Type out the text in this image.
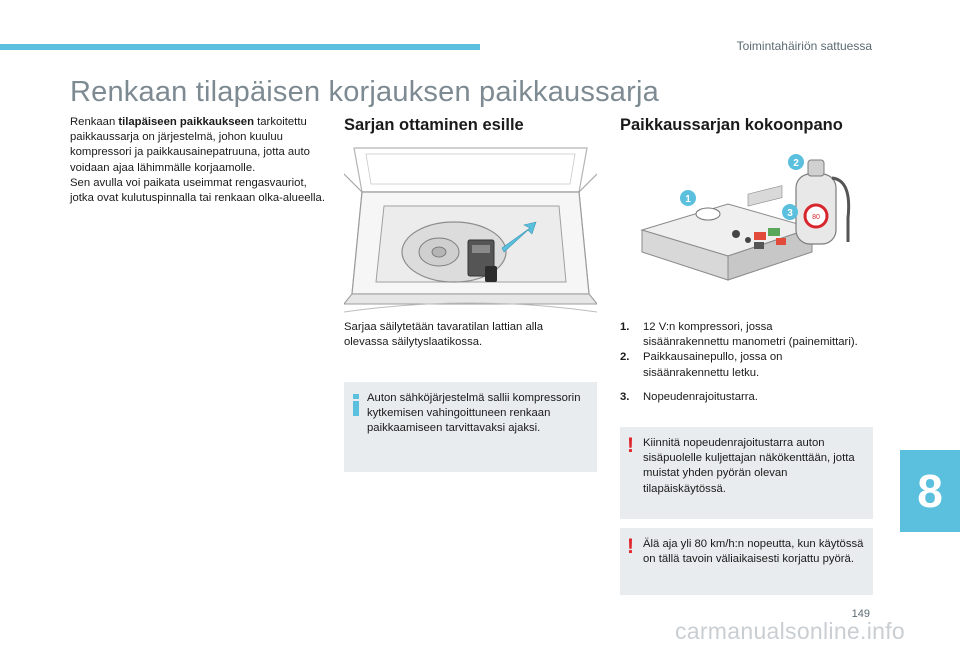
Toimintahäiriön sattuessa
Renkaan tilapäisen korjauksen paikkaussarja

Renkaan tilapäiseen paikkaukseen tarkoitettu paikkaussarja on järjestelmä, johon kuuluu kompressori ja paikkausainepatruuna, jotta auto voidaan ajaa lähimmälle korjaamolle.
Sen avulla voi paikata useimmat rengasvauriot, jotka ovat kulutuspinnalla tai renkaan olka-alueella.

Sarjan ottaminen esille

Sarjaa säilytetään tavaratilan lattian alla olevassa säilytyslaatikossa.

Auton sähköjärjestelmä sallii kompressorin kytkemisen vahingoittuneen renkaan paikkaamiseen tarvittavaksi ajaksi.

Paikkaussarjan kokoonpano
80
1
2
3
1. 12 V:n kompressori, jossa sisäänrakennettu manometri (painemittari).
2. Paikkausainepullo, jossa on sisäänrakennettu letku.
3. Nopeudenrajoitustarra.
! Kiinnitä nopeudenrajoitustarra auton sisäpuolelle kuljettajan näkökenttään, jotta muistat yhden pyörän olevan tilapäiskäytössä.

! Älä aja yli 80 km/h:n nopeutta, kun käytössä on tällä tavoin väliaikaisesti korjattu pyörä.

8
149
carmanualsonline.info
